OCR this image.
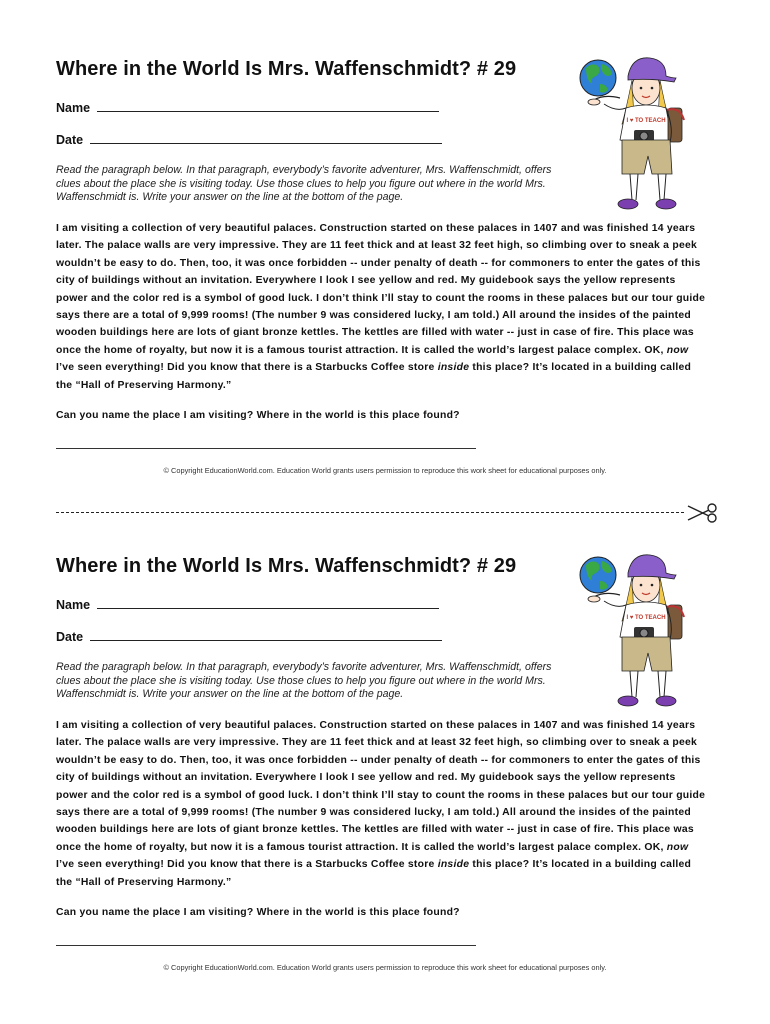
Where in the World Is Mrs. Waffenschmidt? # 29
Name
Date

Read the paragraph below. In that paragraph, everybody’s favorite adventurer, Mrs. Waffenschmidt, offers clues about the place she is visiting today. Use those clues to help you figure out where in the world Mrs. Waffenschmidt is. Write your answer on the line at the bottom of the page.

I am visiting a collection of very beautiful palaces. Construction started on these palaces in 1407 and was finished 14 years later. The palace walls are very impressive. They are 11 feet thick and at least 32 feet high, so climbing over to sneak a peek wouldn’t be easy to do. Then, too, it was once forbidden -- under penalty of death -- for commoners to enter the gates of this city of buildings without an invitation. Everywhere I look I see yellow and red. My guidebook says the yellow represents power and the color red is a symbol of good luck. I don’t think I’ll stay to count the rooms in these palaces but our tour guide says there are a total of 9,999 rooms! (The number 9 was considered lucky, I am told.) All around the insides of the painted wooden buildings here are lots of giant bronze kettles. The kettles are filled with water -- just in case of fire. This place was once the home of royalty, but now it is a famous tourist attraction. It is called the world’s largest palace complex. OK, now I’ve seen everything! Did you know that there is a Starbucks Coffee store inside this place? It’s located in a building called the “Hall of Preserving Harmony.”

Can you name the place I am visiting? Where in the world is this place found?

© Copyright EducationWorld.com. Education World grants users permission to reproduce this work sheet for educational purposes only.

I ♥ TO TEACH
Where in the World Is Mrs. Waffenschmidt? # 29
Name
Date

Read the paragraph below. In that paragraph, everybody’s favorite adventurer, Mrs. Waffenschmidt, offers clues about the place she is visiting today. Use those clues to help you figure out where in the world Mrs. Waffenschmidt is. Write your answer on the line at the bottom of the page.

I am visiting a collection of very beautiful palaces. Construction started on these palaces in 1407 and was finished 14 years later. The palace walls are very impressive. They are 11 feet thick and at least 32 feet high, so climbing over to sneak a peek wouldn’t be easy to do. Then, too, it was once forbidden -- under penalty of death -- for commoners to enter the gates of this city of buildings without an invitation. Everywhere I look I see yellow and red. My guidebook says the yellow represents power and the color red is a symbol of good luck. I don’t think I’ll stay to count the rooms in these palaces but our tour guide says there are a total of 9,999 rooms! (The number 9 was considered lucky, I am told.) All around the insides of the painted wooden buildings here are lots of giant bronze kettles. The kettles are filled with water -- just in case of fire. This place was once the home of royalty, but now it is a famous tourist attraction. It is called the world’s largest palace complex. OK, now I’ve seen everything! Did you know that there is a Starbucks Coffee store inside this place? It’s located in a building called the “Hall of Preserving Harmony.”

Can you name the place I am visiting? Where in the world is this place found?

© Copyright EducationWorld.com. Education World grants users permission to reproduce this work sheet for educational purposes only.

I ♥ TO TEACH
